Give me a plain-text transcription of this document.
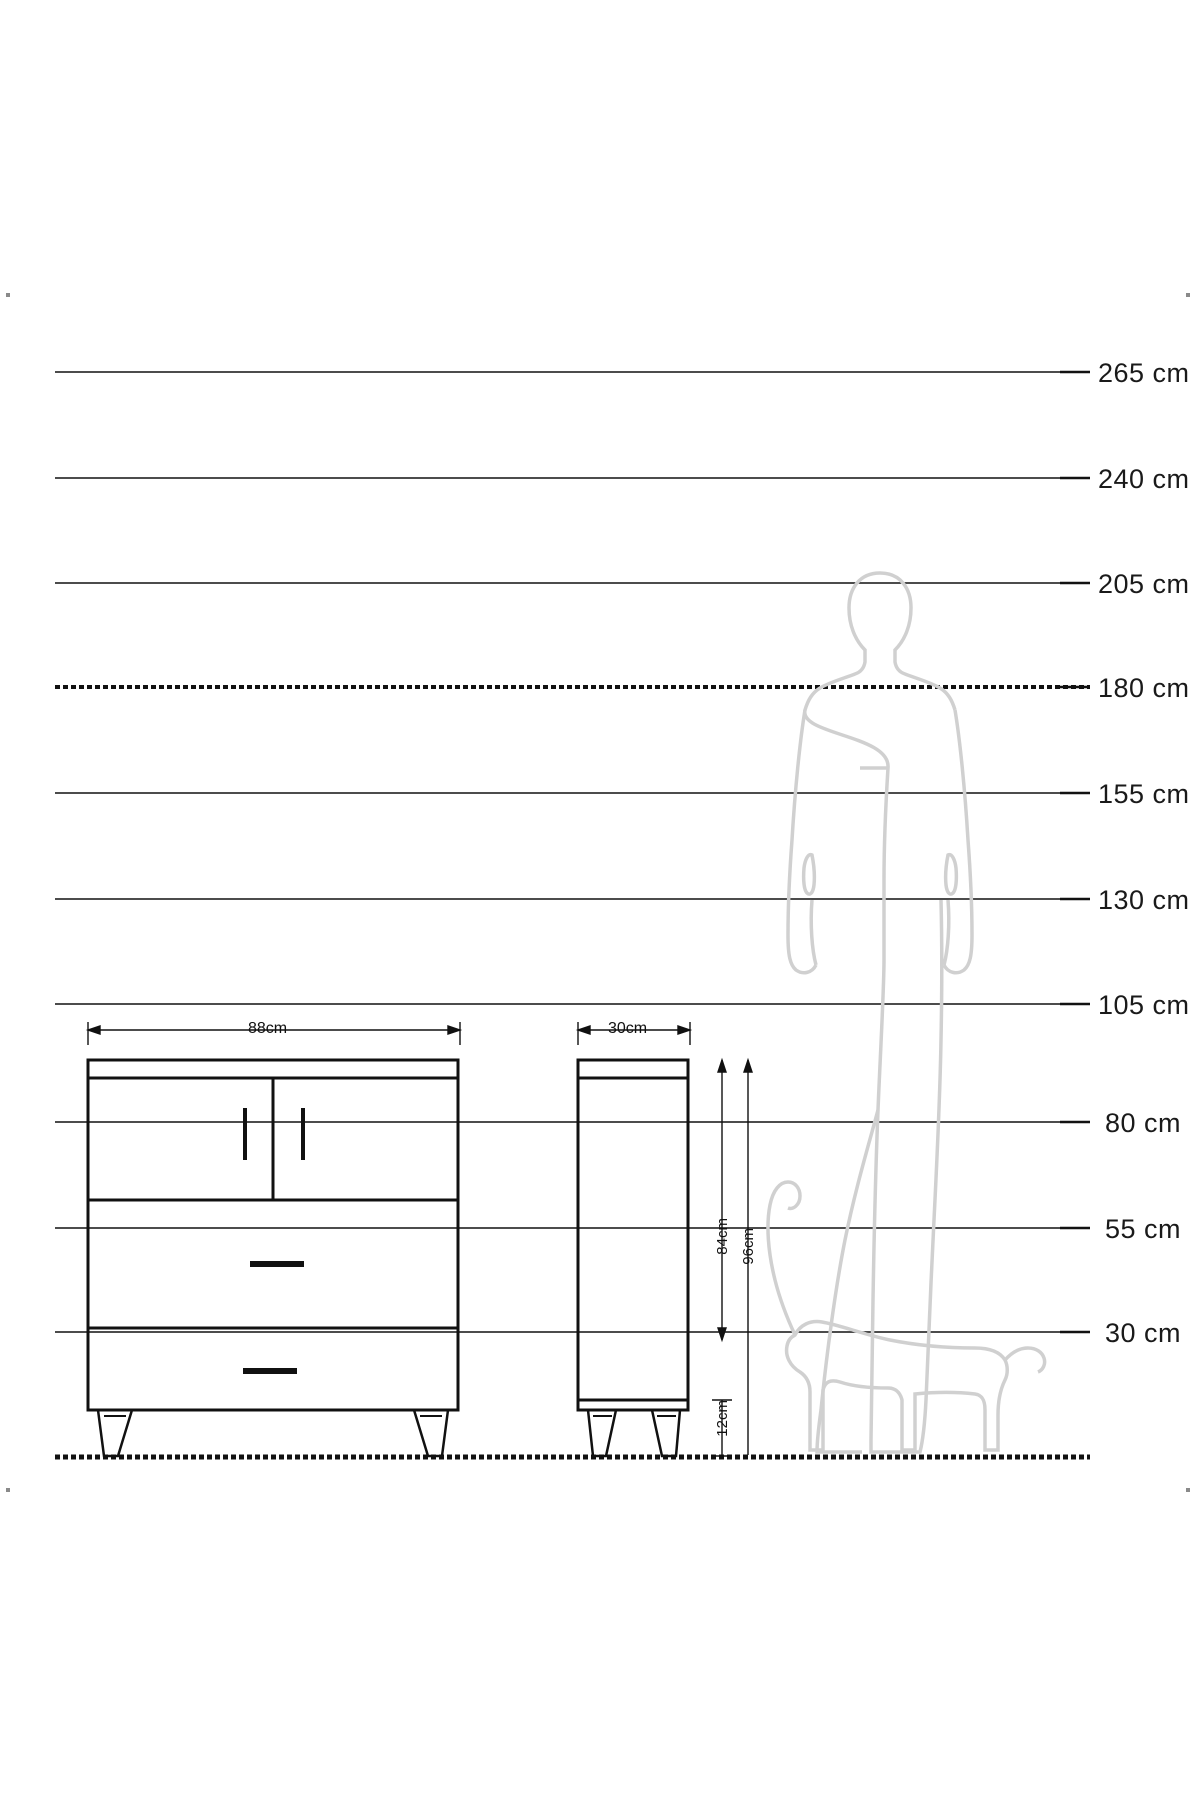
265 cm
240 cm
205 cm
180 cm
155 cm
130 cm
105 cm
80 cm
55 cm
30 cm
88cm	30cm
84cm 96cm
12cm
